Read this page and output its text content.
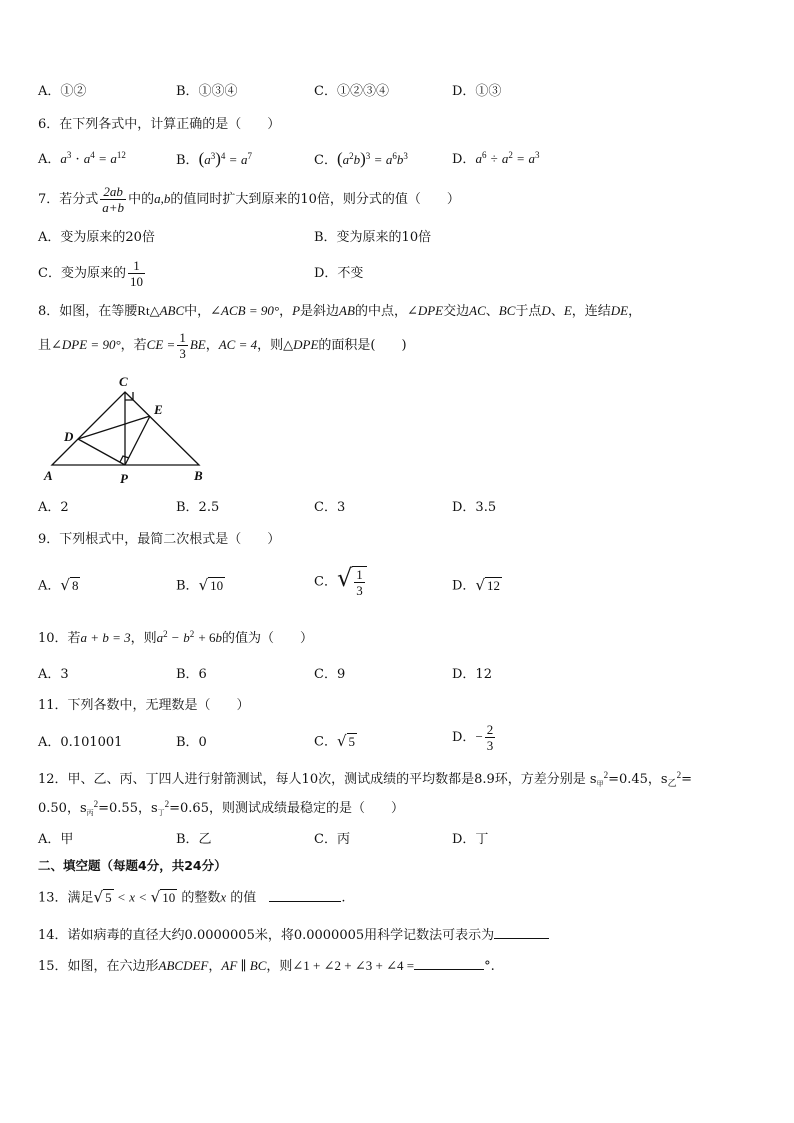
A．①②	B．①③④	C．①②③④	D．①③
6．在下列各式中，计算正确的是（　　）
A．$a^3 \cdot a^4 = a^{12}$	B．$(a^3)^4 = a^7$	C．$(a^2b)^3 = a^6b^3$	D．$a^6 \div a^2 = a^3$
7．若分式 $\frac{2ab}{a+b}$ 中的a,b的值同时扩大到原来的10倍，则分式的值（　　）
A．变为原来的20倍	B．变为原来的10倍
C．变为原来的 $\frac{1}{10}$	D．不变
8．如图，在等腰Rt△ABC中，∠ACB = 90°，P是斜边AB的中点，∠DPE交边AC、BC于点D、E，连结DE，
且∠DPE = 90°，若CE = $\frac{1}{3}$ BE，AC = 4，则△DPE的面积是(　　)
C
E
D
A	P	B
A．2	B．2.5	C．3	D．3.5
9．下列根式中，最简二次根式是（　　）
A．√ 8	B．√ 10	C．√ $\frac{1}{3}$	D．√ 12
10．若a + b = 3，则$a^2 - b^2 + 6b$的值为（　　）
A．3	B．6	C．9	D．12
11．下列各数中，无理数是（　　）
A．0.101001	B．0	C．√ 5	D．− $\frac{2}{3}$
12．甲、乙、丙、丁四人进行射箭测试，每人10次，测试成绩的平均数都是8.9环，方差分别是 $s_甲^2=0.45$，$s_乙^2=$
0.50，$s_丙^2=0.55$，$s_丁^2=0.65$，则测试成绩最稳定的是（　　）
A．甲	B．乙	C．丙	D．丁
二、填空题（每题4分，共24分）
13．满足√ 5 < x < √ 10 的整数x 的值　	.
14．诺如病毒的直径大约0.0000005米，将0.0000005用科学记数法可表示为
15．如图，在六边形ABCDEF，AF ∥ BC，则∠1 + ∠2 + ∠3 + ∠4 =	°.
